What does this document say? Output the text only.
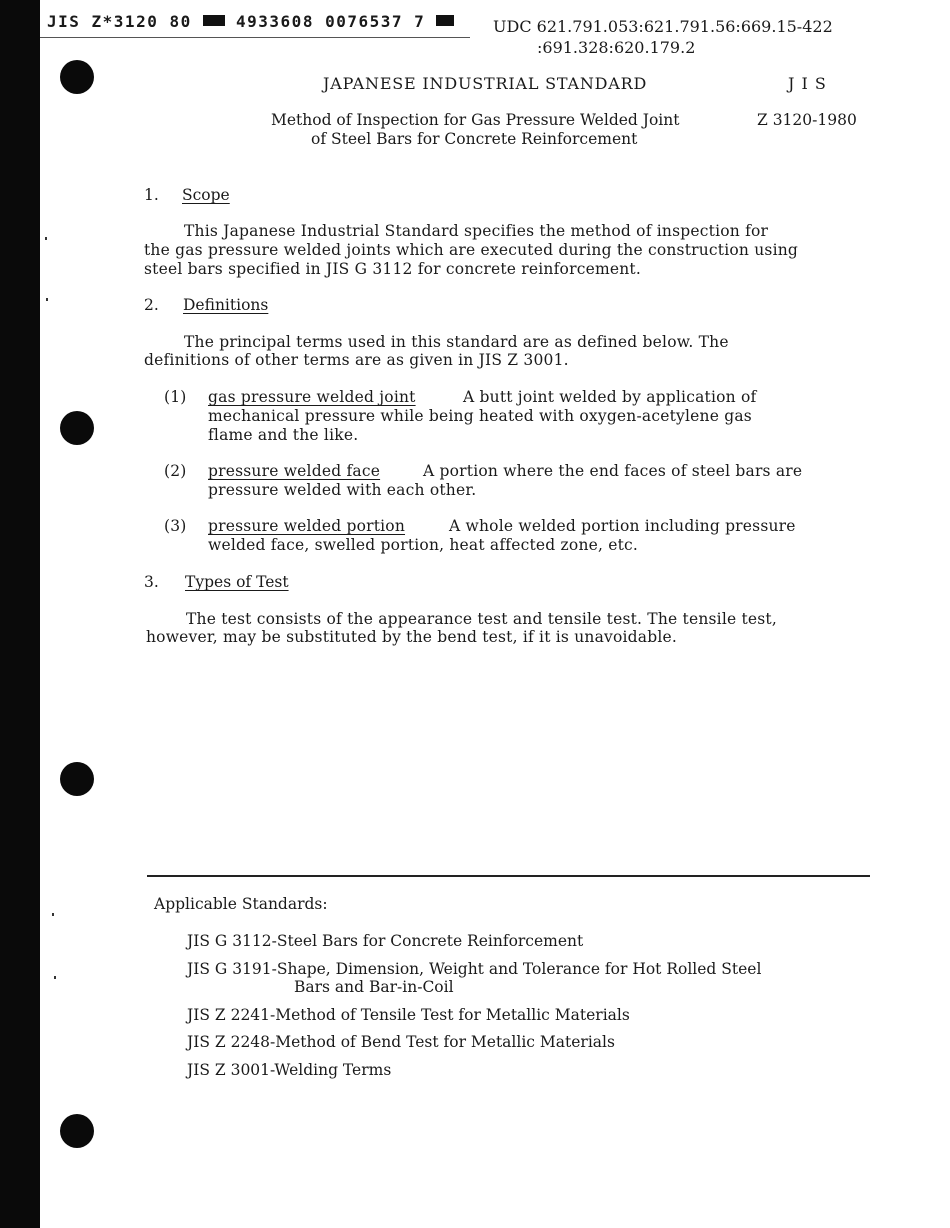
JIS Z*3120 80	4933608 0076537 7	UDC 621.791.053:621.791.56:669.15-422
:691.328:620.179.2
JAPANESE INDUSTRIAL STANDARD	J I S
Method of Inspection for Gas Pressure Welded Joint
of Steel Bars for Concrete Reinforcement
Z 3120-1980
1. Scope
This Japanese Industrial Standard specifies the method of inspection for
the gas pressure welded joints which are executed during the construction using
steel bars specified in JIS G 3112 for concrete reinforcement.
2. Definitions
The principal terms used in this standard are as defined below. The
definitions of other terms are as given in JIS Z 3001.
(1) gas pressure welded joint	A butt joint welded by application of
mechanical pressure while being heated with oxygen-acetylene gas
flame and the like.
(2) pressure welded face	A portion where the end faces of steel bars are
pressure welded with each other.
(3) pressure welded portion	A whole welded portion including pressure
welded face, swelled portion, heat affected zone, etc.
3. Types of Test
The test consists of the appearance test and tensile test. The tensile test,
however, may be substituted by the bend test, if it is unavoidable.
Applicable Standards:
JIS G 3112-Steel Bars for Concrete Reinforcement
JIS G 3191-Shape, Dimension, Weight and Tolerance for Hot Rolled Steel
Bars and Bar-in-Coil
JIS Z 2241-Method of Tensile Test for Metallic Materials
JIS Z 2248-Method of Bend Test for Metallic Materials
JIS Z 3001-Welding Terms
